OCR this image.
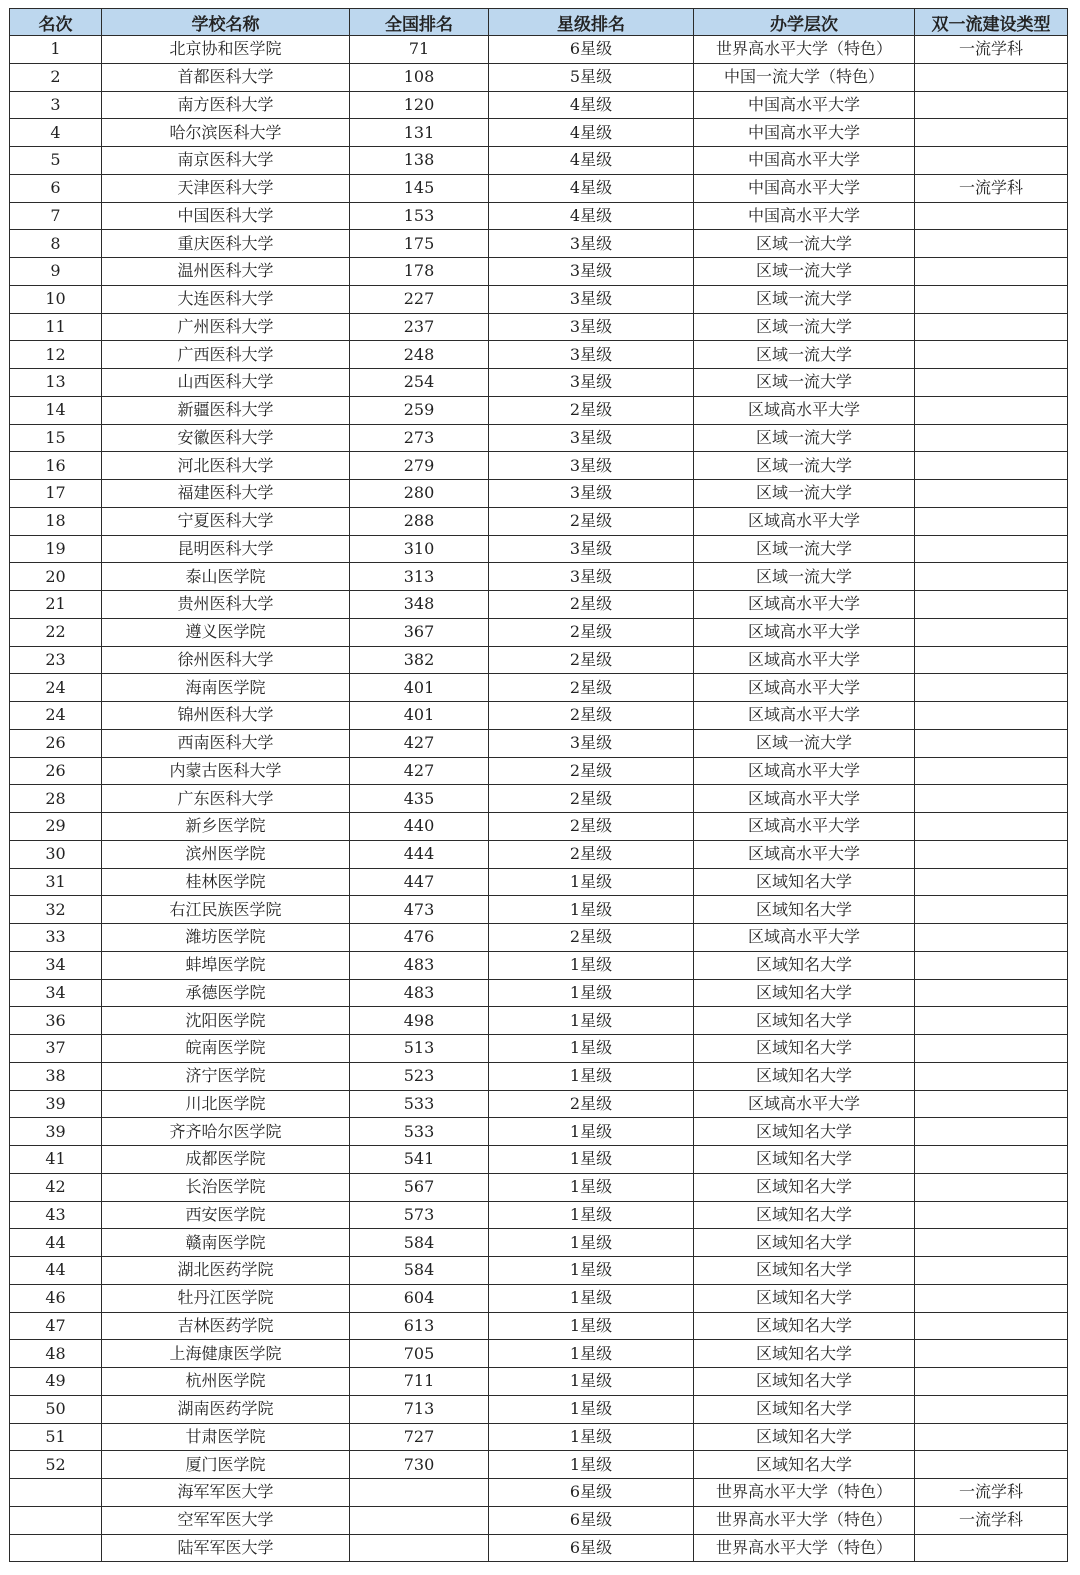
名次	学校名称	全国排名	星级排名	办学层次	双一流建设类型
1	北京协和医学院	71	6星级	世界高水平大学（特色）	一流学科
2	首都医科大学	108	5星级	中国一流大学（特色）	
3	南方医科大学	120	4星级	中国高水平大学	
4	哈尔滨医科大学	131	4星级	中国高水平大学	
5	南京医科大学	138	4星级	中国高水平大学	
6	天津医科大学	145	4星级	中国高水平大学	一流学科
7	中国医科大学	153	4星级	中国高水平大学	
8	重庆医科大学	175	3星级	区域一流大学	
9	温州医科大学	178	3星级	区域一流大学	
10	大连医科大学	227	3星级	区域一流大学	
11	广州医科大学	237	3星级	区域一流大学	
12	广西医科大学	248	3星级	区域一流大学	
13	山西医科大学	254	3星级	区域一流大学	
14	新疆医科大学	259	2星级	区域高水平大学	
15	安徽医科大学	273	3星级	区域一流大学	
16	河北医科大学	279	3星级	区域一流大学	
17	福建医科大学	280	3星级	区域一流大学	
18	宁夏医科大学	288	2星级	区域高水平大学	
19	昆明医科大学	310	3星级	区域一流大学	
20	泰山医学院	313	3星级	区域一流大学	
21	贵州医科大学	348	2星级	区域高水平大学	
22	遵义医学院	367	2星级	区域高水平大学	
23	徐州医科大学	382	2星级	区域高水平大学	
24	海南医学院	401	2星级	区域高水平大学	
24	锦州医科大学	401	2星级	区域高水平大学	
26	西南医科大学	427	3星级	区域一流大学	
26	内蒙古医科大学	427	2星级	区域高水平大学	
28	广东医科大学	435	2星级	区域高水平大学	
29	新乡医学院	440	2星级	区域高水平大学	
30	滨州医学院	444	2星级	区域高水平大学	
31	桂林医学院	447	1星级	区域知名大学	
32	右江民族医学院	473	1星级	区域知名大学	
33	潍坊医学院	476	2星级	区域高水平大学	
34	蚌埠医学院	483	1星级	区域知名大学	
34	承德医学院	483	1星级	区域知名大学	
36	沈阳医学院	498	1星级	区域知名大学	
37	皖南医学院	513	1星级	区域知名大学	
38	济宁医学院	523	1星级	区域知名大学	
39	川北医学院	533	2星级	区域高水平大学	
39	齐齐哈尔医学院	533	1星级	区域知名大学	
41	成都医学院	541	1星级	区域知名大学	
42	长治医学院	567	1星级	区域知名大学	
43	西安医学院	573	1星级	区域知名大学	
44	赣南医学院	584	1星级	区域知名大学	
44	湖北医药学院	584	1星级	区域知名大学	
46	牡丹江医学院	604	1星级	区域知名大学	
47	吉林医药学院	613	1星级	区域知名大学	
48	上海健康医学院	705	1星级	区域知名大学	
49	杭州医学院	711	1星级	区域知名大学	
50	湖南医药学院	713	1星级	区域知名大学	
51	甘肃医学院	727	1星级	区域知名大学	
52	厦门医学院	730	1星级	区域知名大学	
	海军军医大学		6星级	世界高水平大学（特色）	一流学科
	空军军医大学		6星级	世界高水平大学（特色）	一流学科
	陆军军医大学		6星级	世界高水平大学（特色）	
